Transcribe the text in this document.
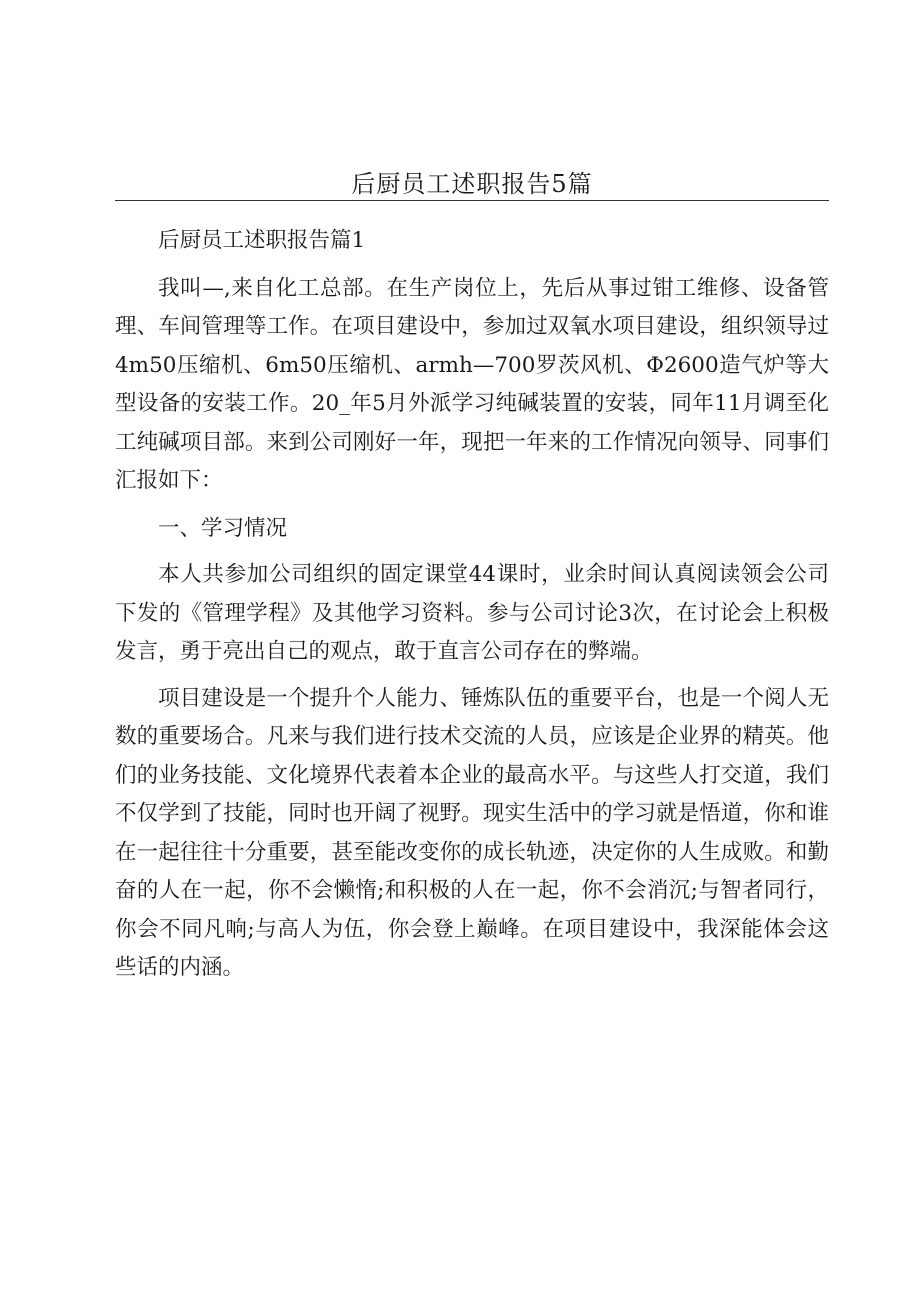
后厨员工述职报告5篇

后厨员工述职报告篇1

我叫—,来自化工总部。在生产岗位上，先后从事过钳工维修、设备管理、车间管理等工作。在项目建设中，参加过双氧水项目建设，组织领导过4m50压缩机、6m50压缩机、armh—700罗茨风机、Φ2600造气炉等大型设备的安装工作。20_年5月外派学习纯碱装置的安装，同年11月调至化工纯碱项目部。来到公司刚好一年，现把一年来的工作情况向领导、同事们汇报如下：

一、学习情况

本人共参加公司组织的固定课堂44课时，业余时间认真阅读领会公司下发的《管理学程》及其他学习资料。参与公司讨论3次，在讨论会上积极发言，勇于亮出自己的观点，敢于直言公司存在的弊端。

项目建设是一个提升个人能力、锤炼队伍的重要平台，也是一个阅人无数的重要场合。凡来与我们进行技术交流的人员，应该是企业界的精英。他们的业务技能、文化境界代表着本企业的最高水平。与这些人打交道，我们不仅学到了技能，同时也开阔了视野。现实生活中的学习就是悟道，你和谁在一起往往十分重要，甚至能改变你的成长轨迹，决定你的人生成败。和勤奋的人在一起，你不会懒惰;和积极的人在一起，你不会消沉;与智者同行，你会不同凡响;与高人为伍，你会登上巅峰。在项目建设中，我深能体会这些话的内涵。
